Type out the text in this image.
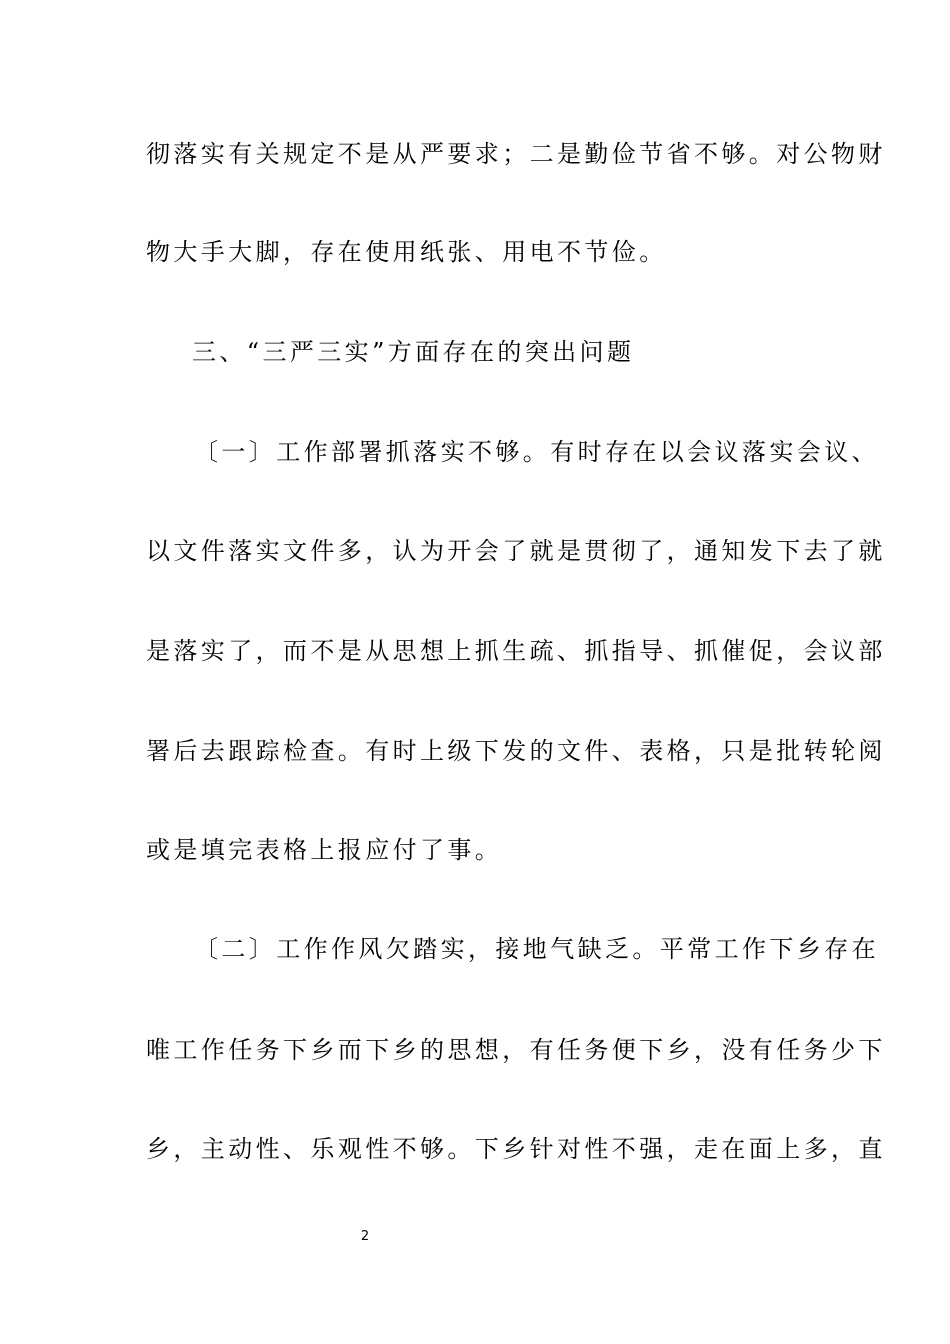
彻落实有关规定不是从严要求；二是勤俭节省不够。对公物财
物大手大脚，存在使用纸张、用电不节俭。
三、“三严三实”方面存在的突出问题
〔一〕工作部署抓落实不够。有时存在以会议落实会议、
以文件落实文件多，认为开会了就是贯彻了，通知发下去了就
是落实了，而不是从思想上抓生疏、抓指导、抓催促，会议部
署后去跟踪检查。有时上级下发的文件、表格，只是批转轮阅
或是填完表格上报应付了事。
〔二〕工作作风欠踏实，接地气缺乏。平常工作下乡存在
唯工作任务下乡而下乡的思想，有任务便下乡，没有任务少下
乡，主动性、乐观性不够。下乡针对性不强，走在面上多，直
2
